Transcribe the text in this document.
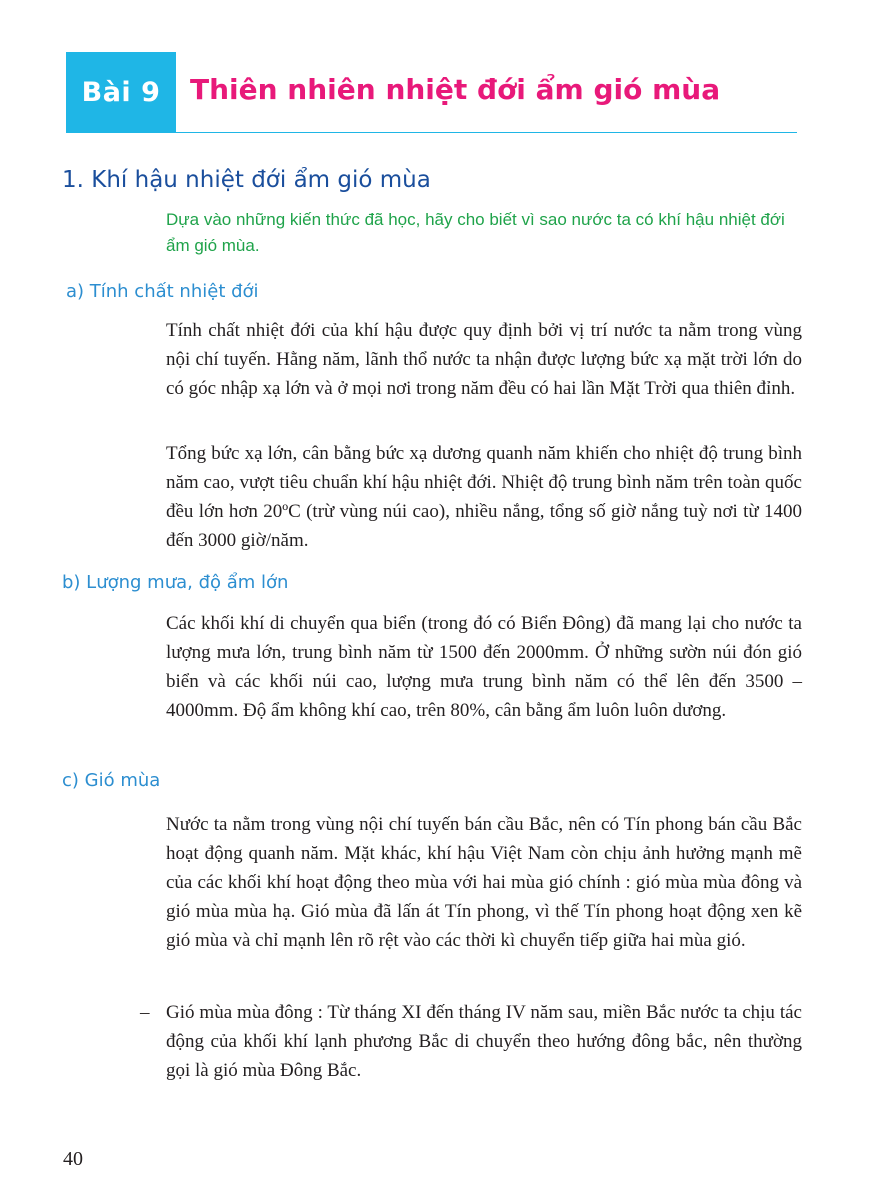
Bài 9 Thiên nhiên nhiệt đới ẩm gió mùa
1. Khí hậu nhiệt đới ẩm gió mùa
Dựa vào những kiến thức đã học, hãy cho biết vì sao nước ta có khí hậu nhiệt đới ẩm gió mùa.
a) Tính chất nhiệt đới
Tính chất nhiệt đới của khí hậu được quy định bởi vị trí nước ta nằm trong vùng nội chí tuyến. Hằng năm, lãnh thổ nước ta nhận được lượng bức xạ mặt trời lớn do có góc nhập xạ lớn và ở mọi nơi trong năm đều có hai lần Mặt Trời qua thiên đỉnh.
Tổng bức xạ lớn, cân bằng bức xạ dương quanh năm khiến cho nhiệt độ trung bình năm cao, vượt tiêu chuẩn khí hậu nhiệt đới. Nhiệt độ trung bình năm trên toàn quốc đều lớn hơn 20ºC (trừ vùng núi cao), nhiều nắng, tổng số giờ nắng tuỳ nơi từ 1400 đến 3000 giờ/năm.
b) Lượng mưa, độ ẩm lớn
Các khối khí di chuyển qua biển (trong đó có Biển Đông) đã mang lại cho nước ta lượng mưa lớn, trung bình năm từ 1500 đến 2000mm. Ở những sườn núi đón gió biển và các khối núi cao, lượng mưa trung bình năm có thể lên đến 3500 – 4000mm. Độ ẩm không khí cao, trên 80%, cân bằng ẩm luôn luôn dương.
c) Gió mùa
Nước ta nằm trong vùng nội chí tuyến bán cầu Bắc, nên có Tín phong bán cầu Bắc hoạt động quanh năm. Mặt khác, khí hậu Việt Nam còn chịu ảnh hưởng mạnh mẽ của các khối khí hoạt động theo mùa với hai mùa gió chính : gió mùa mùa đông và gió mùa mùa hạ. Gió mùa đã lấn át Tín phong, vì thế Tín phong hoạt động xen kẽ gió mùa và chỉ mạnh lên rõ rệt vào các thời kì chuyển tiếp giữa hai mùa gió.
– Gió mùa mùa đông : Từ tháng XI đến tháng IV năm sau, miền Bắc nước ta chịu tác động của khối khí lạnh phương Bắc di chuyển theo hướng đông bắc, nên thường gọi là gió mùa Đông Bắc.
40
